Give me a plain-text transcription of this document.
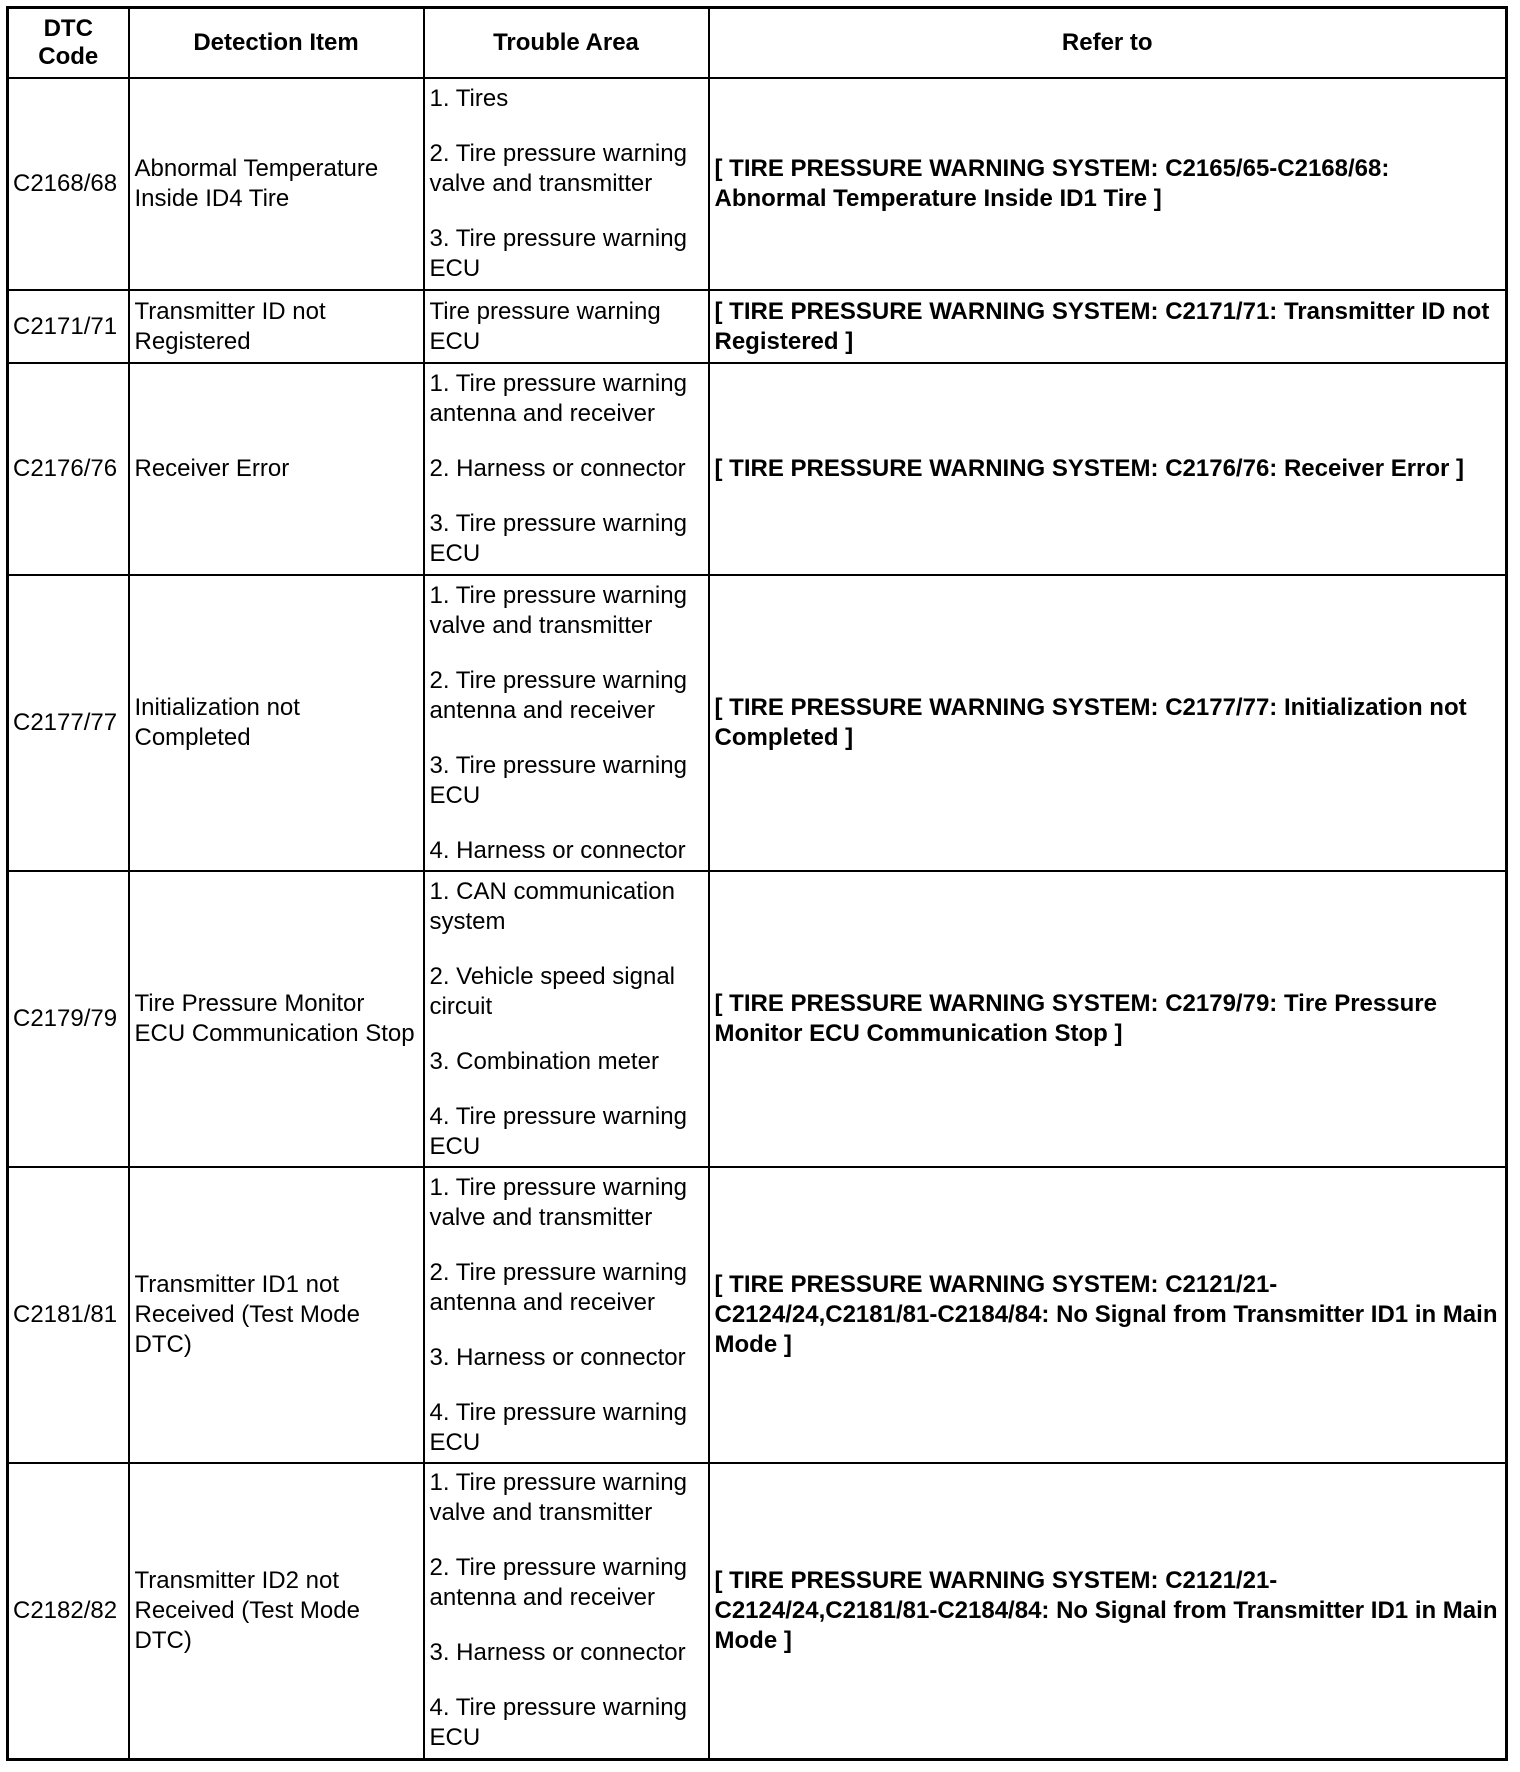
DTC Code	Detection Item	Trouble Area	Refer to
C2168/68	Abnormal Temperature Inside ID4 Tire	1. Tires

2. Tire pressure warning valve and transmitter

3. Tire pressure warning ECU	[ TIRE PRESSURE WARNING SYSTEM: C2165/65-C2168/68: Abnormal Temperature Inside ID1 Tire ]
C2171/71	Transmitter ID not Registered	Tire pressure warning ECU	[ TIRE PRESSURE WARNING SYSTEM: C2171/71: Transmitter ID not Registered ]
C2176/76	Receiver Error	1. Tire pressure warning antenna and receiver

2. Harness or connector

3. Tire pressure warning ECU	[ TIRE PRESSURE WARNING SYSTEM: C2176/76: Receiver Error ]
C2177/77	Initialization not Completed	1. Tire pressure warning valve and transmitter

2. Tire pressure warning antenna and receiver

3. Tire pressure warning ECU

4. Harness or connector	[ TIRE PRESSURE WARNING SYSTEM: C2177/77: Initialization not Completed ]
C2179/79	Tire Pressure Monitor ECU Communication Stop	1. CAN communication system

2. Vehicle speed signal circuit

3. Combination meter

4. Tire pressure warning ECU	[ TIRE PRESSURE WARNING SYSTEM: C2179/79: Tire Pressure Monitor ECU Communication Stop ]
C2181/81	Transmitter ID1 not Received (Test Mode DTC)	1. Tire pressure warning valve and transmitter

2. Tire pressure warning antenna and receiver

3. Harness or connector

4. Tire pressure warning ECU	[ TIRE PRESSURE WARNING SYSTEM: C2121/21-C2124/24,C2181/81-C2184/84: No Signal from Transmitter ID1 in Main Mode ]
C2182/82	Transmitter ID2 not Received (Test Mode DTC)	1. Tire pressure warning valve and transmitter

2. Tire pressure warning antenna and receiver

3. Harness or connector

4. Tire pressure warning ECU	[ TIRE PRESSURE WARNING SYSTEM: C2121/21-C2124/24,C2181/81-C2184/84: No Signal from Transmitter ID1 in Main Mode ]
